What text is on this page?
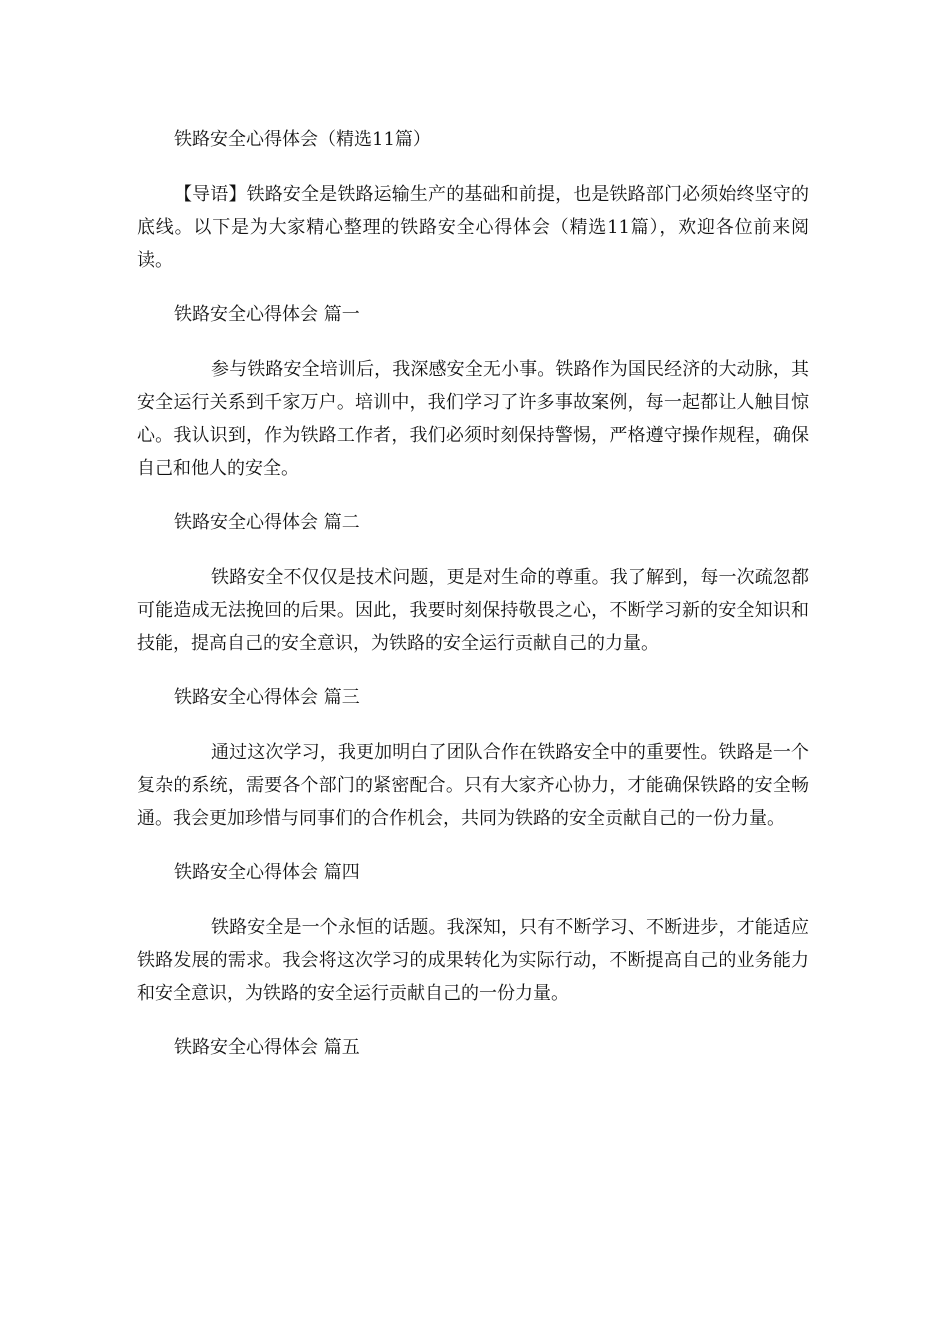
铁路安全心得体会（精选11篇）

【导语】铁路安全是铁路运输生产的基础和前提，也是铁路部门必须始终坚守的底线。以下是为大家精心整理的铁路安全心得体会（精选11篇），欢迎各位前来阅读。

铁路安全心得体会 篇一

参与铁路安全培训后，我深感安全无小事。铁路作为国民经济的大动脉，其安全运行关系到千家万户。培训中，我们学习了许多事故案例，每一起都让人触目惊心。我认识到，作为铁路工作者，我们必须时刻保持警惕，严格遵守操作规程，确保自己和他人的安全。

铁路安全心得体会 篇二

铁路安全不仅仅是技术问题，更是对生命的尊重。我了解到，每一次疏忽都可能造成无法挽回的后果。因此，我要时刻保持敬畏之心，不断学习新的安全知识和技能，提高自己的安全意识，为铁路的安全运行贡献自己的力量。

铁路安全心得体会 篇三

通过这次学习，我更加明白了团队合作在铁路安全中的重要性。铁路是一个复杂的系统，需要各个部门的紧密配合。只有大家齐心协力，才能确保铁路的安全畅通。我会更加珍惜与同事们的合作机会，共同为铁路的安全贡献自己的一份力量。

铁路安全心得体会 篇四

铁路安全是一个永恒的话题。我深知，只有不断学习、不断进步，才能适应铁路发展的需求。我会将这次学习的成果转化为实际行动，不断提高自己的业务能力和安全意识，为铁路的安全运行贡献自己的一份力量。

铁路安全心得体会 篇五
